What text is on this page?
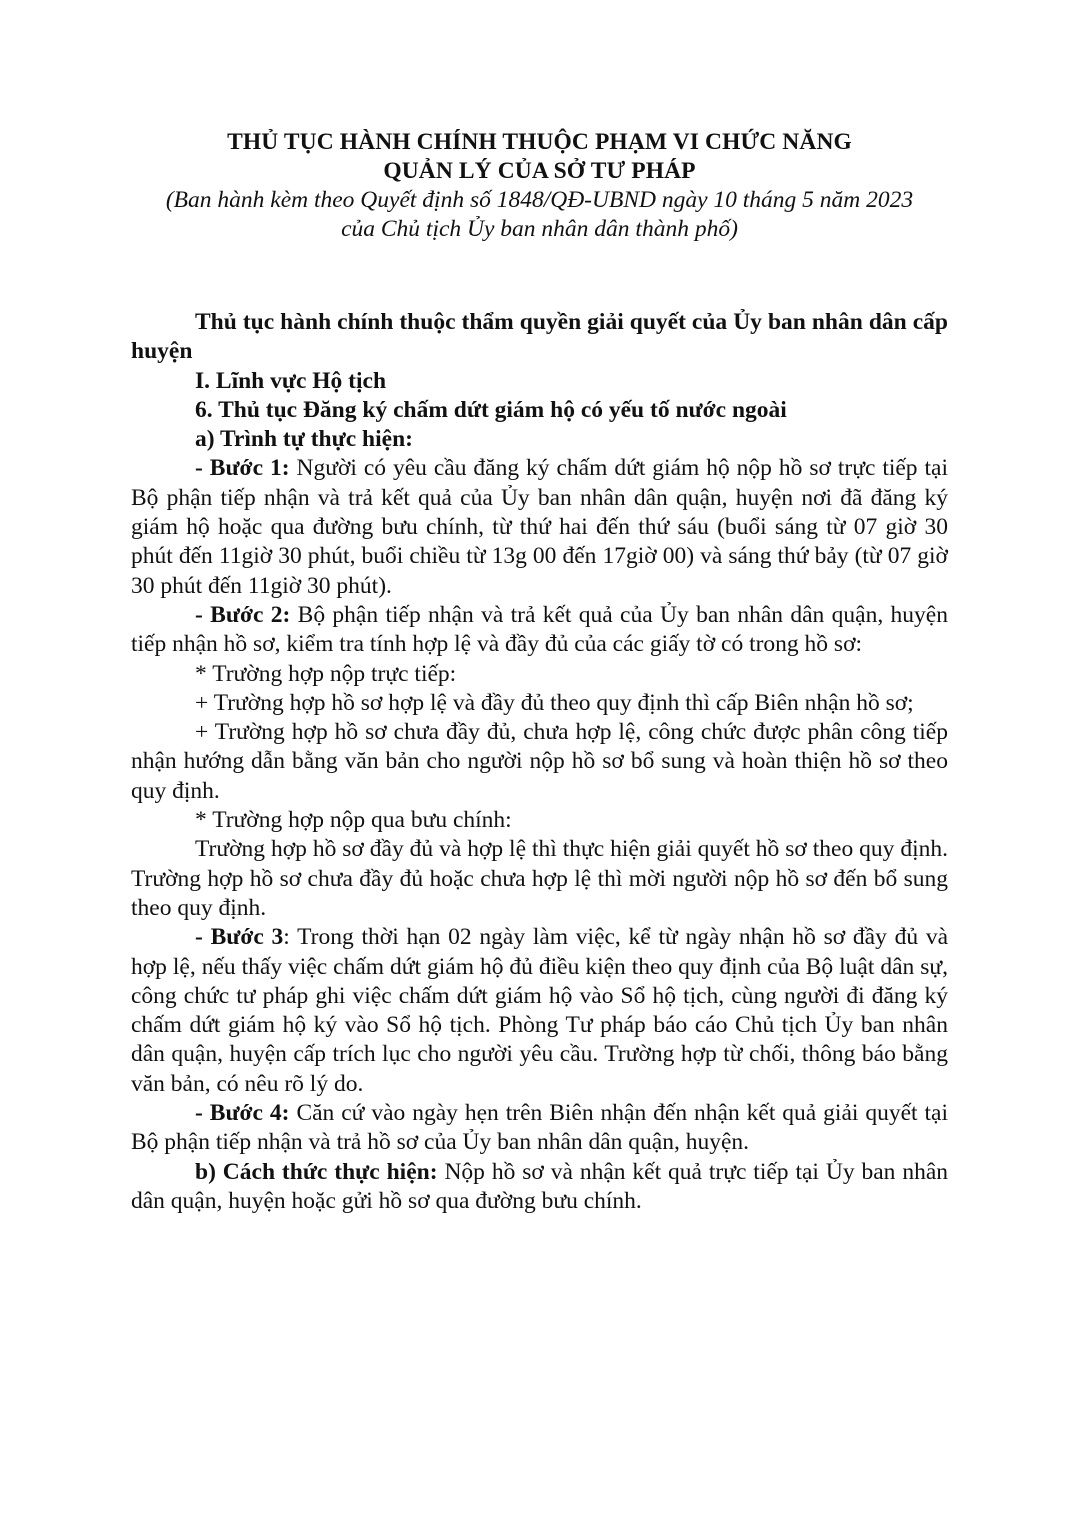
THỦ TỤC HÀNH CHÍNH THUỘC PHẠM VI CHỨC NĂNG

QUẢN LÝ CỦA SỞ TƯ PHÁP

(Ban hành kèm theo Quyết định số 1848/QĐ-UBND ngày 10 tháng 5 năm 2023

của Chủ tịch Ủy ban nhân dân thành phố)

Thủ tục hành chính thuộc thẩm quyền giải quyết của Ủy ban nhân dân cấp huyện

I. Lĩnh vực Hộ tịch

6. Thủ tục Đăng ký chấm dứt giám hộ có yếu tố nước ngoài

a) Trình tự thực hiện:

- Bước 1: Người có yêu cầu đăng ký chấm dứt giám hộ nộp hồ sơ trực tiếp tại Bộ phận tiếp nhận và trả kết quả của Ủy ban nhân dân quận, huyện nơi đã đăng ký giám hộ hoặc qua đường bưu chính, từ thứ hai đến thứ sáu (buổi sáng từ 07 giờ 30 phút đến 11giờ 30 phút, buổi chiều từ 13g 00 đến 17giờ 00) và sáng thứ bảy (từ 07 giờ 30 phút đến 11giờ 30 phút).

- Bước 2: Bộ phận tiếp nhận và trả kết quả của Ủy ban nhân dân quận, huyện tiếp nhận hồ sơ, kiểm tra tính hợp lệ và đầy đủ của các giấy tờ có trong hồ sơ:

* Trường hợp nộp trực tiếp:

+ Trường hợp hồ sơ hợp lệ và đầy đủ theo quy định thì cấp Biên nhận hồ sơ;

+ Trường hợp hồ sơ chưa đầy đủ, chưa hợp lệ, công chức được phân công tiếp nhận hướng dẫn bằng văn bản cho người nộp hồ sơ bổ sung và hoàn thiện hồ sơ theo quy định.

* Trường hợp nộp qua bưu chính:

Trường hợp hồ sơ đầy đủ và hợp lệ thì thực hiện giải quyết hồ sơ theo quy định. Trường hợp hồ sơ chưa đầy đủ hoặc chưa hợp lệ thì mời người nộp hồ sơ đến bổ sung theo quy định.

- Bước 3: Trong thời hạn 02 ngày làm việc, kể từ ngày nhận hồ sơ đầy đủ và hợp lệ, nếu thấy việc chấm dứt giám hộ đủ điều kiện theo quy định của Bộ luật dân sự, công chức tư pháp ghi việc chấm dứt giám hộ vào Sổ hộ tịch, cùng người đi đăng ký chấm dứt giám hộ ký vào Sổ hộ tịch. Phòng Tư pháp báo cáo Chủ tịch Ủy ban nhân dân quận, huyện cấp trích lục cho người yêu cầu. Trường hợp từ chối, thông báo bằng văn bản, có nêu rõ lý do.

- Bước 4: Căn cứ vào ngày hẹn trên Biên nhận đến nhận kết quả giải quyết tại Bộ phận tiếp nhận và trả hồ sơ của Ủy ban nhân dân quận, huyện.

b) Cách thức thực hiện: Nộp hồ sơ và nhận kết quả trực tiếp tại Ủy ban nhân dân quận, huyện hoặc gửi hồ sơ qua đường bưu chính.
